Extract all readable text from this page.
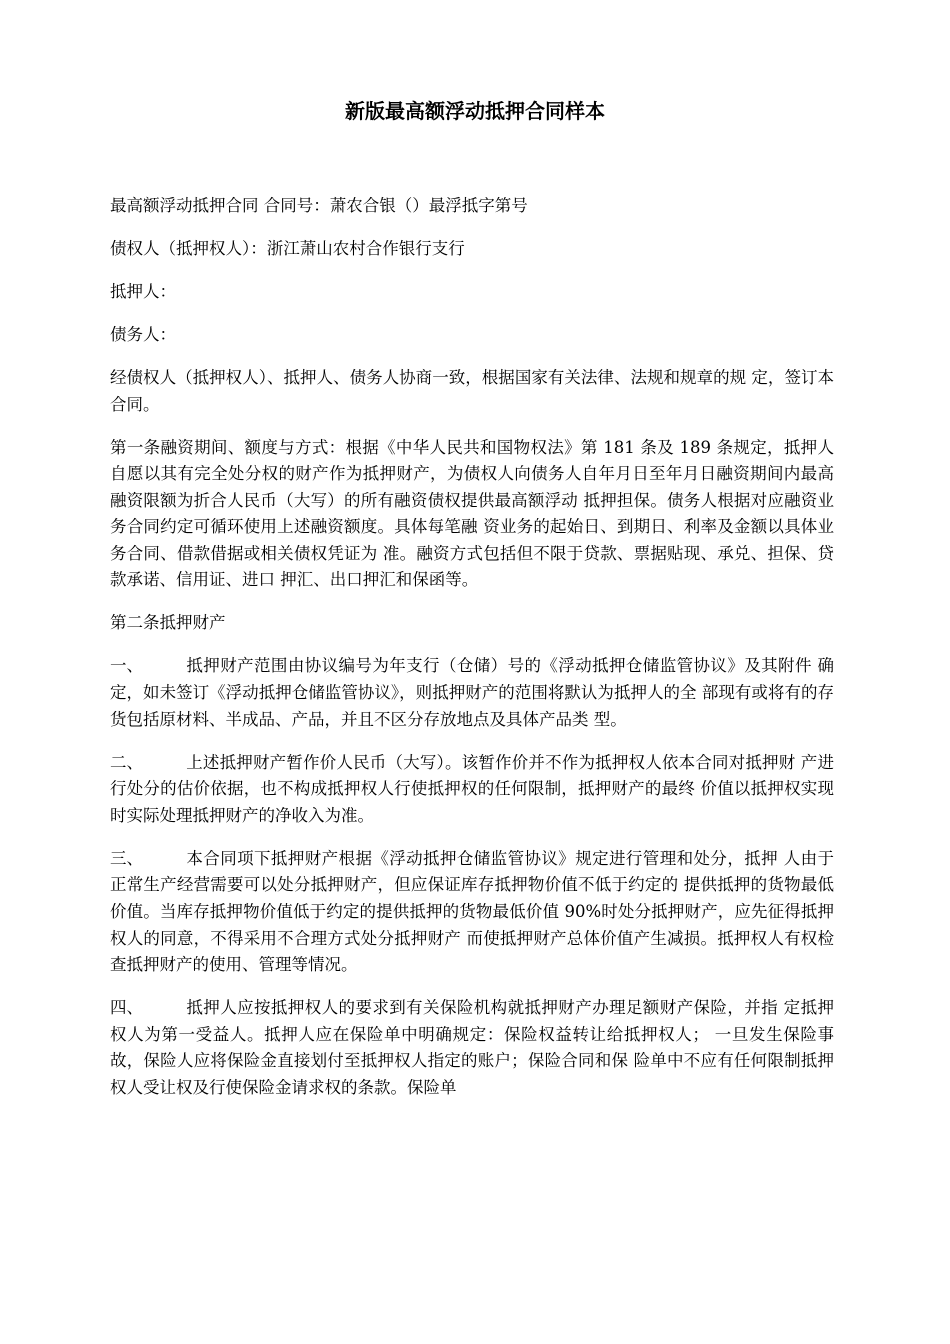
新版最高额浮动抵押合同样本

最高额浮动抵押合同 合同号：萧农合银（）最浮抵字第号

债权人（抵押权人）：浙江萧山农村合作银行支行

抵押人：

债务人：

经债权人（抵押权人）、抵押人、债务人协商一致，根据国家有关法律、法规和规章的规 定，签订本合同。

第一条融资期间、额度与方式：根据《中华人民共和国物权法》第 181 条及 189 条规定，抵押人自愿以其有完全处分权的财产作为抵押财产，为债权人向债务人自年月日至年月日融资期间内最高融资限额为折合人民币（大写）的所有融资债权提供最高额浮动 抵押担保。债务人根据对应融资业务合同约定可循环使用上述融资额度。具体每笔融 资业务的起始日、到期日、利率及金额以具体业务合同、借款借据或相关债权凭证为 准。融资方式包括但不限于贷款、票据贴现、承兑、担保、贷款承诺、信用证、进口 押汇、出口押汇和保函等。

第二条抵押财产

一、	抵押财产范围由协议编号为年支行（仓储）号的《浮动抵押仓储监管协议》及其附件 确定，如未签订《浮动抵押仓储监管协议》，则抵押财产的范围将默认为抵押人的全 部现有或将有的存货包括原材料、半成品、产品，并且不区分存放地点及具体产品类 型。

二、	上述抵押财产暂作价人民币（大写）。该暂作价并不作为抵押权人依本合同对抵押财 产进行处分的估价依据，也不构成抵押权人行使抵押权的任何限制，抵押财产的最终 价值以抵押权实现时实际处理抵押财产的净收入为准。

三、	本合同项下抵押财产根据《浮动抵押仓储监管协议》规定进行管理和处分，抵押 人由于正常生产经营需要可以处分抵押财产，但应保证库存抵押物价值不低于约定的 提供抵押的货物最低价值。当库存抵押物价值低于约定的提供抵押的货物最低价值 90%时处分抵押财产，应先征得抵押权人的同意，不得采用不合理方式处分抵押财产 而使抵押财产总体价值产生减损。抵押权人有权检查抵押财产的使用、管理等情况。

四、	抵押人应按抵押权人的要求到有关保险机构就抵押财产办理足额财产保险，并指 定抵押权人为第一受益人。抵押人应在保险单中明确规定：保险权益转让给抵押权人； 一旦发生保险事故，保险人应将保险金直接划付至抵押权人指定的账户；保险合同和保 险单中不应有任何限制抵押权人受让权及行使保险金请求权的条款。保险单
